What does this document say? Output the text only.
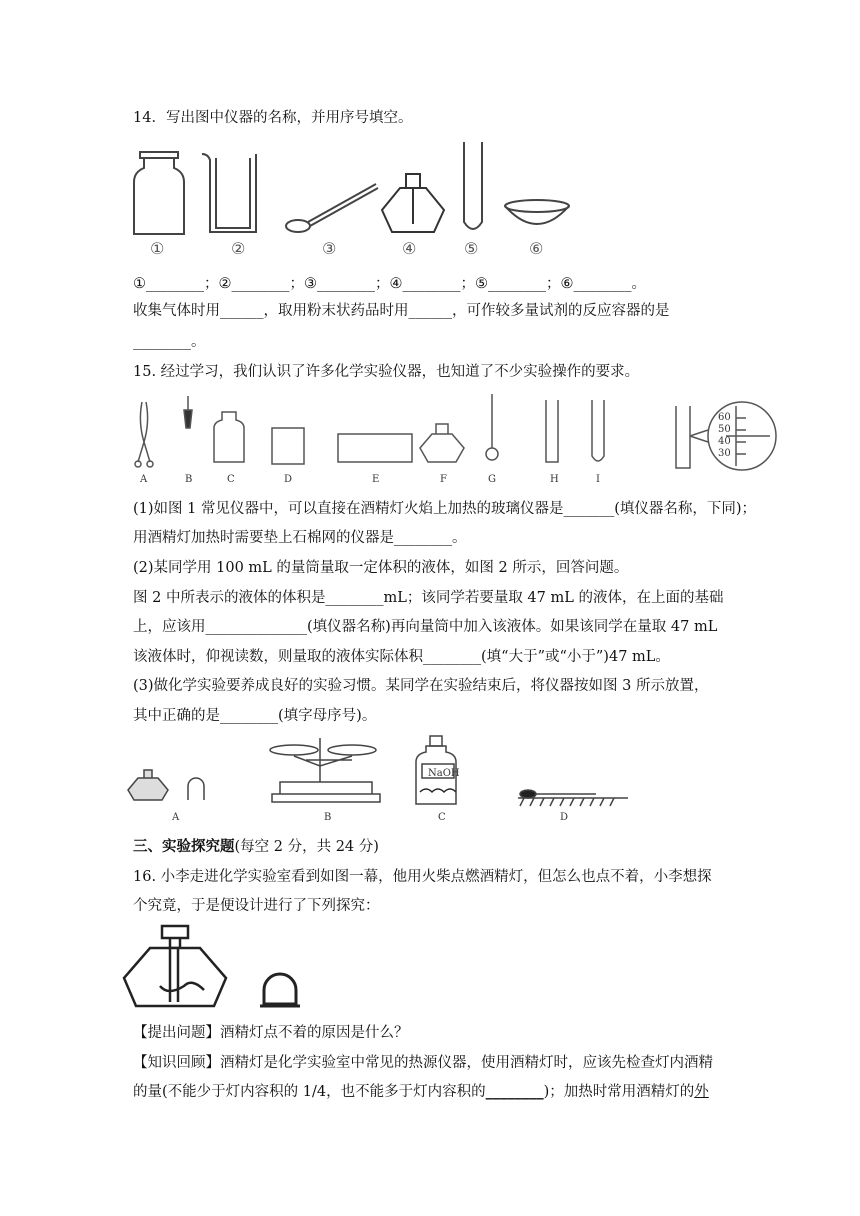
14．写出图中仪器的名称，并用序号填空。
①	②	③	④	⑤	⑥
①________；②________；③________；④________；⑤________；⑥________。
收集气体时用______，取用粉末状药品时用______，可作较多量试剂的反应容器的是
________。
15. 经过学习，我们认识了许多化学实验仪器，也知道了不少实验操作的要求。
60
50
40
30
A	B	C	D	E	F	G	H	I
(1)如图 1 常见仪器中，可以直接在酒精灯火焰上加热的玻璃仪器是_______(填仪器名称，下同)；
用酒精灯加热时需要垫上石棉网的仪器是________。
(2)某同学用 100 mL 的量筒量取一定体积的液体，如图 2 所示，回答问题。
图 2 中所表示的液体的体积是________mL；该同学若要量取 47 mL 的液体，在上面的基础
上，应该用______________(填仪器名称)再向量筒中加入该液体。如果该同学在量取 47 mL
该液体时，仰视读数，则量取的液体实际体积________(填“大于”或“小于”)47 mL。
(3)做化学实验要养成良好的实验习惯。某同学在实验结束后，将仪器按如图 3 所示放置，
其中正确的是________(填字母序号)。
NaOH
A	B	C	D
三、实验探究题(每空 2 分，共 24 分)
16. 小李走进化学实验室看到如图一幕，他用火柴点燃酒精灯，但怎么也点不着，小李想探
个究竟，于是便设计进行了下列探究：
【提出问题】酒精灯点不着的原因是什么？
【知识回顾】酒精灯是化学实验室中常见的热源仪器，使用酒精灯时，应该先检查灯内酒精
的量(不能少于灯内容积的 1/4，也不能多于灯内容积的________)；加热时常用酒精灯的外
